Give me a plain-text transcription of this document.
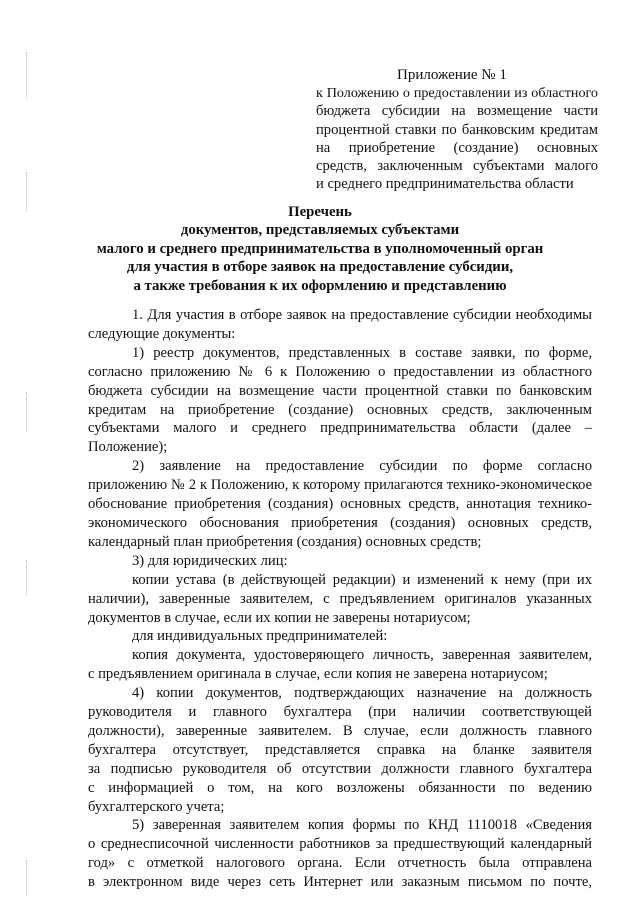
Приложение № 1
к Положению о предоставлении из областного
бюджета субсидии на возмещение части
процентной ставки по банковским кредитам
на приобретение (создание) основных
средств, заключенным субъектами малого
и среднего предпринимательства области
Перечень
документов, представляемых субъектами
малого и среднего предпринимательства в уполномоченный орган
для участия в отборе заявок на предоставление субсидии,
а также требования к их оформлению и представлению

1. Для участия в отборе заявок на предоставление субсидии необходимы
следующие документы:

1) реестр документов, представленных в составе заявки, по форме,
согласно приложению № 6 к Положению о предоставлении из областного
бюджета субсидии на возмещение части процентной ставки по банковским
кредитам на приобретение (создание) основных средств, заключенным
субъектами малого и среднего предпринимательства области (далее –
Положение);

2) заявление на предоставление субсидии по форме согласно
приложению № 2 к Положению, к которому прилагаются технико-экономическое
обоснование приобретения (создания) основных средств, аннотация технико-
экономического обоснования приобретения (создания) основных средств,
календарный план приобретения (создания) основных средств;

3) для юридических лиц:

копии устава (в действующей редакции) и изменений к нему (при их
наличии), заверенные заявителем, с предъявлением оригиналов указанных
документов в случае, если их копии не заверены нотариусом;

для индивидуальных предпринимателей:

копия документа, удостоверяющего личность, заверенная заявителем,
с предъявлением оригинала в случае, если копия не заверена нотариусом;

4) копии документов, подтверждающих назначение на должность
руководителя и главного бухгалтера (при наличии соответствующей
должности), заверенные заявителем. В случае, если должность главного
бухгалтера отсутствует, представляется справка на бланке заявителя
за подписью руководителя об отсутствии должности главного бухгалтера
с информацией о том, на кого возложены обязанности по ведению
бухгалтерского учета;

5) заверенная заявителем копия формы по КНД 1110018 «Сведения
о среднесписочной численности работников за предшествующий календарный
год» с отметкой налогового органа. Если отчетность была отправлена
в электронном виде через сеть Интернет или заказным письмом по почте,
